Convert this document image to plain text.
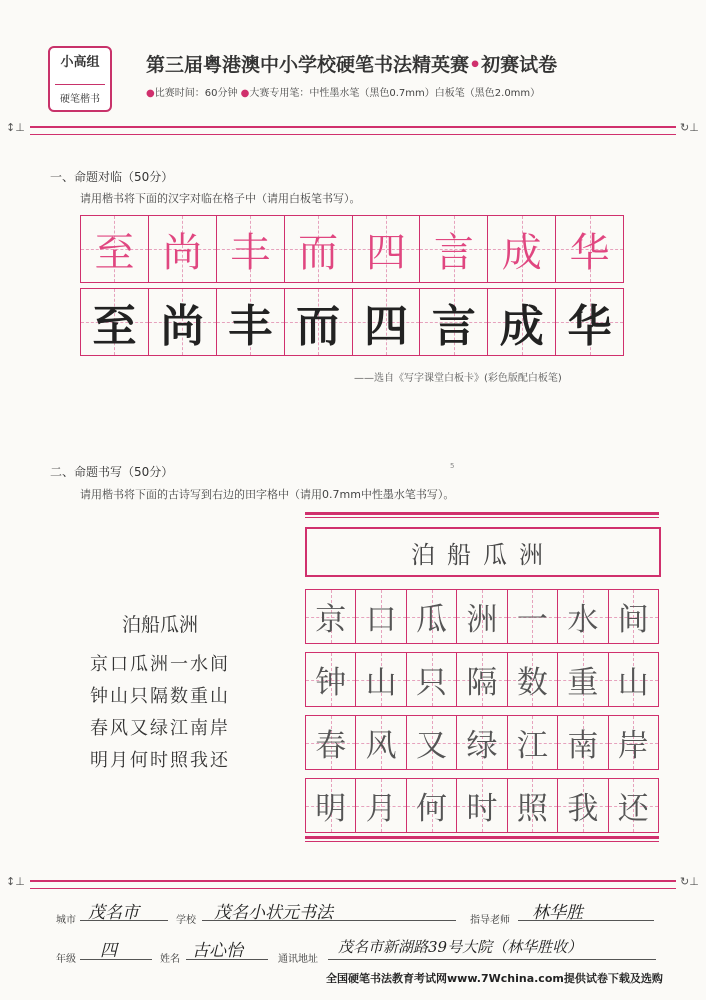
小高组
硬笔楷书
第三届粤港澳中小学校硬笔书法精英赛•初赛试卷
●比赛时间：60分钟 ●大赛专用笔：中性墨水笔（黑色0.7mm）白板笔（黑色2.0mm）
↕⊥	↻⊥
一、命题对临（50分）
请用楷书将下面的汉字对临在格子中（请用白板笔书写）。
至 尚 丰 而 四 言 成 华
至 尚 丰 而 四 言 成 华
——选自《写字课堂白板卡》(彩色版配白板笔)
5
二、命题书写（50分）
请用楷书将下面的古诗写到右边的田字格中（请用0.7mm中性墨水笔书写）。
泊船瓜洲
京口瓜洲一水间
钟山只隔数重山
春风又绿江南岸
明月何时照我还
泊船瓜洲
京 口 瓜 洲 一 水 间
钟 山 只 隔 数 重 山
春 风 又 绿 江 南 岸
明 月 何 时 照 我 还
↕⊥	↻⊥
城市 茂名市	学校 茂名小状元书法	指导老师 林华胜
年级 四	姓名 古心怡	通讯地址
茂名市新湖路39号大院（林华胜收）
全国硬笔书法教育考试网www.7Wchina.com提供试卷下载及选购
